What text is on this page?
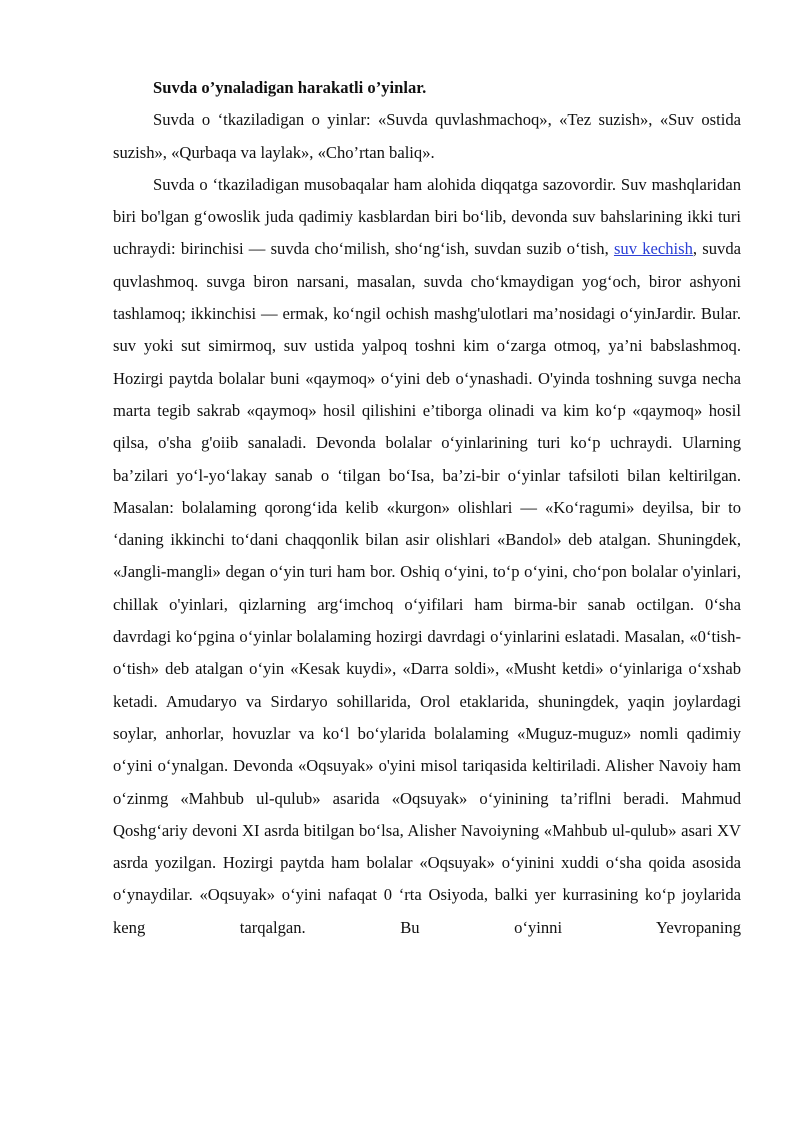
Suvda o’ynaladigan harakatli o’yinlar.

Suvda o ‘tkaziladigan o yinlar: «Suvda quvlashmachoq», «Tez suzish», «Suv ostida suzish», «Qurbaqa va laylak», «Cho’rtan baliq».

Suvda o ‘tkaziladigan musobaqalar ham alohida diqqatga sazovordir. Suv mashqlaridan biri bo'lgan g‘owoslik juda qadimiy kasblardan biri bo‘lib, devonda suv bahslarining ikki turi uchraydi: birinchisi — suvda cho‘milish, sho‘ng‘ish, suvdan suzib o‘tish, suv kechish, suvda quvlashmoq. suvga biron narsani, masalan, suvda cho‘kmaydigan yog‘och, biror ashyoni tashlamoq; ikkinchisi — ermak, ko‘ngil ochish mashg'ulotlari ma’nosidagi o‘yinJardir. Bular. suv yoki sut simirmoq, suv ustida yalpoq toshni kim o‘zarga otmoq, ya’ni babslashmoq. Hozirgi paytda bolalar buni «qaymoq» o‘yini deb o‘ynashadi. O'yinda toshning suvga necha marta tegib sakrab «qaymoq» hosil qilishini e’tiborga olinadi va kim ko‘p «qaymoq» hosil qilsa, o'sha g'oiib sanaladi. Devonda bolalar o‘yinlarining turi ko‘p uchraydi. Ularning ba’zilari yo‘l-yo‘lakay sanab o ‘tilgan bo‘Isa, ba’zi-bir o‘yinlar tafsiloti bilan keltirilgan. Masalan: bolalaming qorong‘ida kelib «kurgon» olishlari — «Ko‘ragumi» deyilsa, bir to ‘daning ikkinchi to‘dani chaqqonlik bilan asir olishlari «Bandol» deb atalgan. Shuningdek, «Jangli-mangli» degan o‘yin turi ham bor. Oshiq o‘yini, to‘p o‘yini, cho‘pon bolalar o'yinlari, chillak o'yinlari, qizlarning arg‘imchoq o‘yifilari ham birma-bir sanab octilgan. 0‘sha davrdagi ko‘pgina o‘yinlar bolalaming hozirgi davrdagi o‘yinlarini eslatadi. Masalan, «0‘tish-o‘tish» deb atalgan o‘yin «Kesak kuydi», «Darra soldi», «Musht ketdi» o‘yinlariga o‘xshab ketadi. Amudaryo va Sirdaryo sohillarida, Orol etaklarida, shuningdek, yaqin joylardagi soylar, anhorlar, hovuzlar va ko‘l bo‘ylarida bolalaming «Muguz-muguz» nomli qadimiy o‘yini o‘ynalgan. Devonda «Oqsuyak» o'yini misol tariqasida keltiriladi. Alisher Navoiy ham o‘zinmg «Mahbub ul-qulub» asarida «Oqsuyak» o‘yinining ta’riflni beradi. Mahmud Qoshg‘ariy devoni XI asrda bitilgan bo‘lsa, Alisher Navoiyning «Mahbub ul-qulub» asari XV asrda yozilgan. Hozirgi paytda ham bolalar «Oqsuyak» o‘yinini xuddi o‘sha qoida asosida o‘ynaydilar. «Oqsuyak» o‘yini nafaqat 0 ‘rta Osiyoda, balki yer kurrasining ko‘p joylarida keng tarqalgan. Bu o‘yinni Yevropaning
